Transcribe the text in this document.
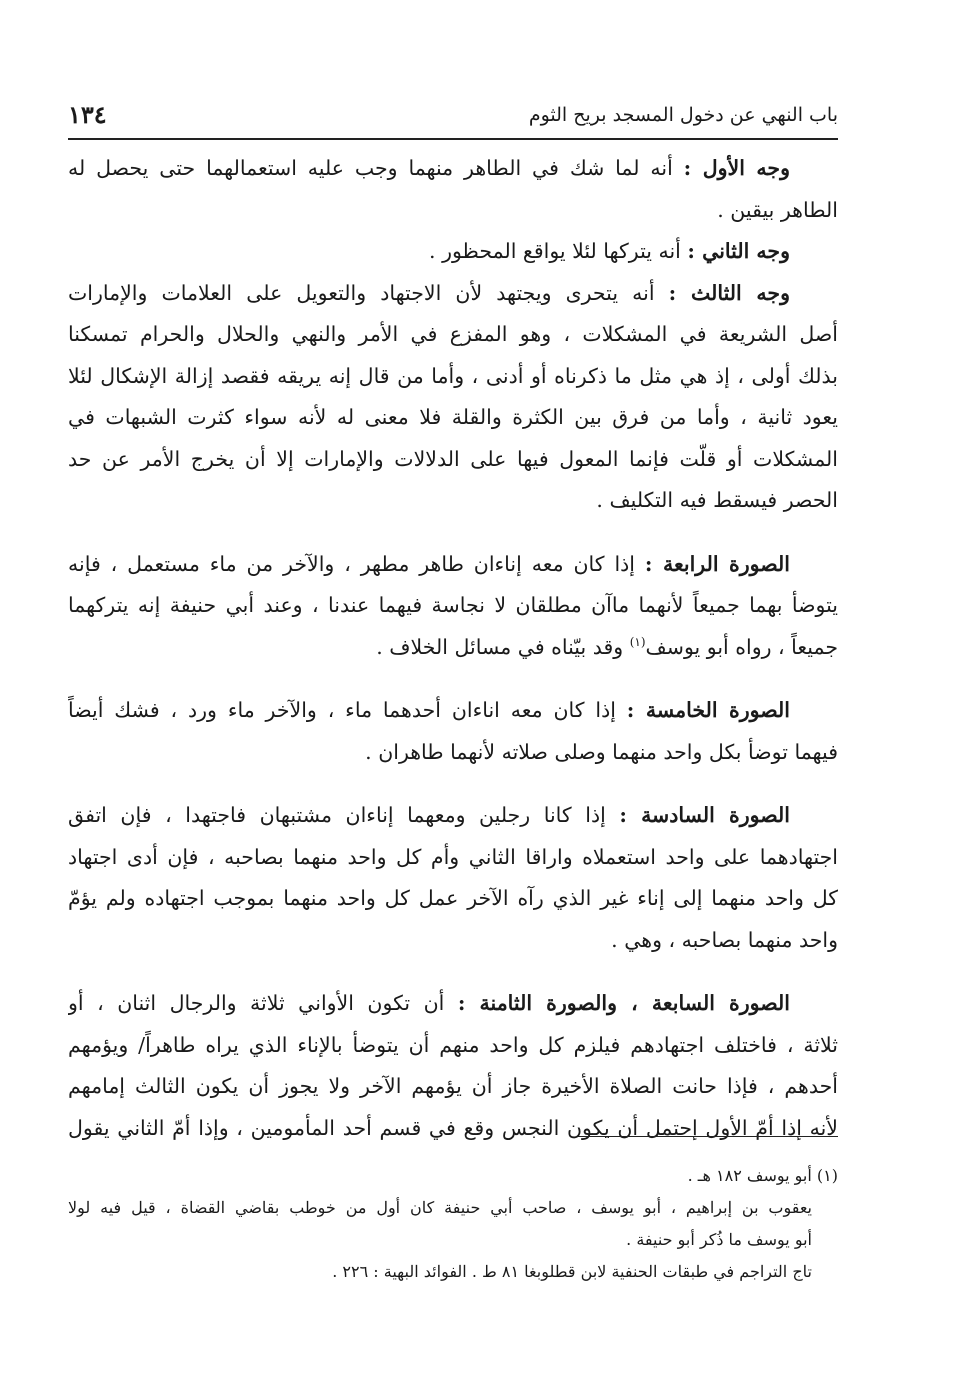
باب النهي عن دخول المسجد بريح الثوم
١٣٤
وجه الأول : أنه لما شك في الطاهر منهما وجب عليه استعمالهما حتى يحصل له
الطاهر بيقين .
وجه الثاني : أنه يتركها لئلا يواقع المحظور .
وجه الثالث : أنه يتحرى ويجتهد لأن الاجتهاد والتعويل على العلامات والإمارات
أصل الشريعة في المشكلات ، وهو المفزع في الأمر والنهي والحلال والحرام تمسكنا
بذلك أولى ، إذ هي مثل ما ذكرناه أو أدنى ، وأما من قال إنه يريقه فقصد إزالة الإشكال لئلا
يعود ثانية ، وأما من فرق بين الكثرة والقلة فلا معنى له لأنه سواء كثرت الشبهات في
المشكلات أو قلّت فإنما المعول فيها على الدلالات والإمارات إلا أن يخرج الأمر عن حد
الحصر فيسقط فيه التكليف .
الصورة الرابعة : إذا كان معه إناءان طاهر مطهر ، والآخر من ماء مستعمل ، فإنه
يتوضأ بهما جميعاً لأنهما ماآن مطلقان لا نجاسة فيهما عندنا ، وعند أبي حنيفة إنه يتركهما
جميعاً ، رواه أبو يوسف$^{(١)}$ وقد بيّناه في مسائل الخلاف .
الصورة الخامسة : إذا كان معه اناءان أحدهما ماء ، والآخر ماء ورد ، فشك أيضاً
فيهما توضأ بكل واحد منهما وصلى صلاته لأنهما طاهران .
الصورة السادسة : إذا كانا رجلين ومعهما إناءان مشتبهان فاجتهدا ، فإن اتفق
اجتهادهما على واحد استعملاه واراقا الثاني وأم كل واحد منهما بصاحبه ، فإن أدى اجتهاد
كل واحد منهما إلى إناء غير الذي رآه الآخر عمل كل واحد منهما بموجب اجتهاده ولم يؤمّ
واحد منهما بصاحبه ، وهي .
الصورة السابعة ، والصورة الثامنة : أن تكون الأواني ثلاثة والرجال اثنان ، أو
ثلاثة ، فاختلف اجتهادهم فيلزم كل واحد منهم أن يتوضأ بالإناء الذي يراه طاهراً/ ويؤمهم
أحدهم ، فإذا حانت الصلاة الأخيرة جاز أن يؤمهم الآخر ولا يجوز أن يكون الثالث إمامهم
لأنه إذا أمّ الأول إحتمل أن يكون النجس وقع في قسم أحد المأمومين ، وإذا أمّ الثاني يقول
(١) أبو يوسف ١٨٢ هـ .
يعقوب بن إبراهيم ، أبو يوسف ، صاحب أبي حنيفة كان أول من خوطب بقاضي القضاة ، قيل فيه لولا
أبو يوسف ما ذُكر أبو حنيفة .
تاج التراجم في طبقات الحنفية لابن قطلوبغا ٨١ ط . الفوائد البهية : ٢٢٦ .
